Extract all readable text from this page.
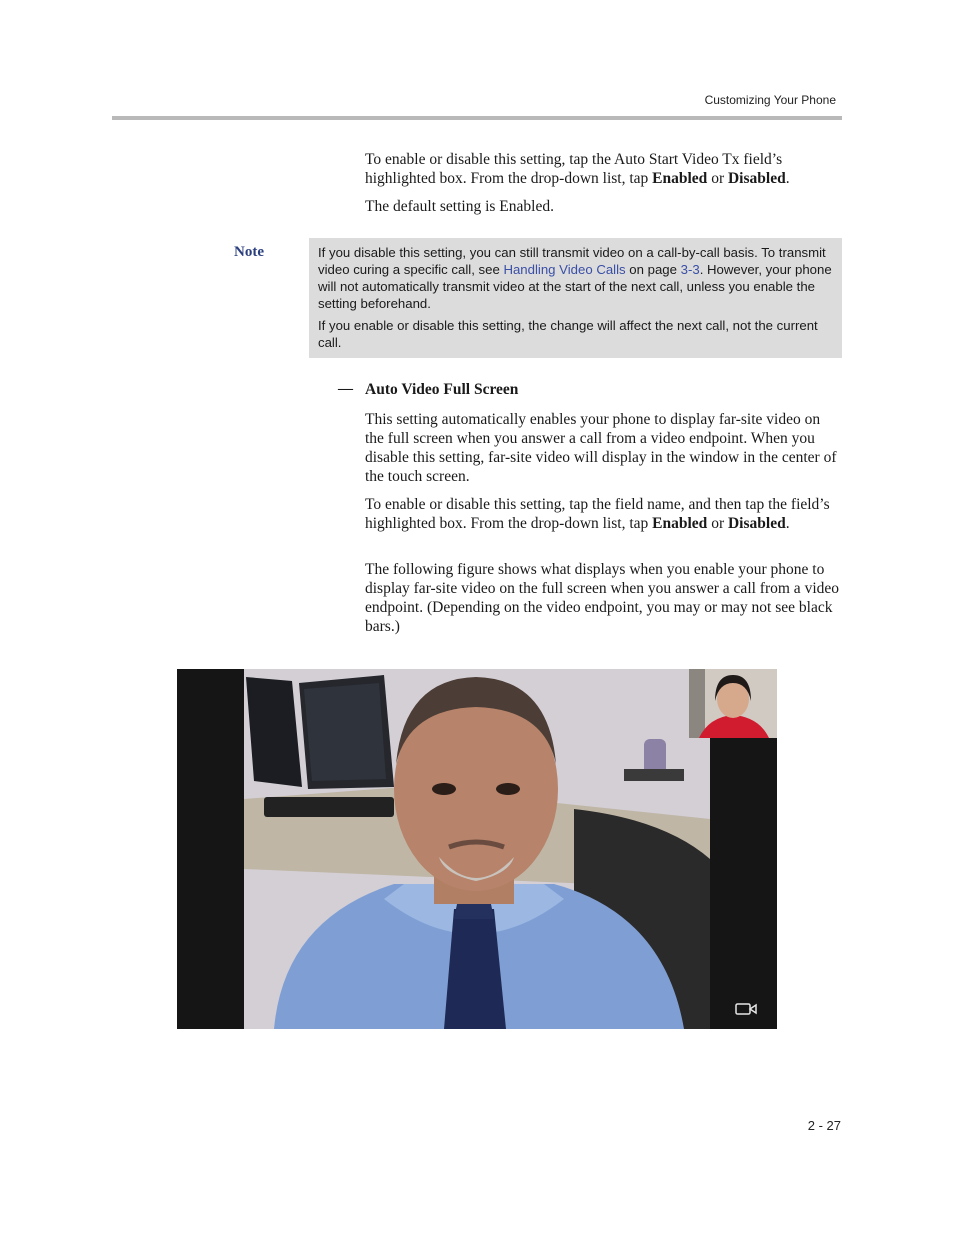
Customizing Your Phone

To enable or disable this setting, tap the Auto Start Video Tx field’s highlighted box. From the drop-down list, tap Enabled or Disabled.

The default setting is Enabled.

Note	If you disable this setting, you can still transmit video on a call-by-call basis. To transmit video curing a specific call, see Handling Video Calls on page 3-3. However, your phone will not automatically transmit video at the start of the next call, unless you enable the setting beforehand.

If you enable or disable this setting, the change will affect the next call, not the current call.

— Auto Video Full Screen

This setting automatically enables your phone to display far-site video on the full screen when you answer a call from a video endpoint. When you disable this setting, far-site video will display in the window in the center of the touch screen.

To enable or disable this setting, tap the field name, and then tap the field’s highlighted box. From the drop-down list, tap Enabled or Disabled.

The following figure shows what displays when you enable your phone to display far-site video on the full screen when you answer a call from a video endpoint. (Depending on the video endpoint, you may or may not see black bars.)

2 - 27
